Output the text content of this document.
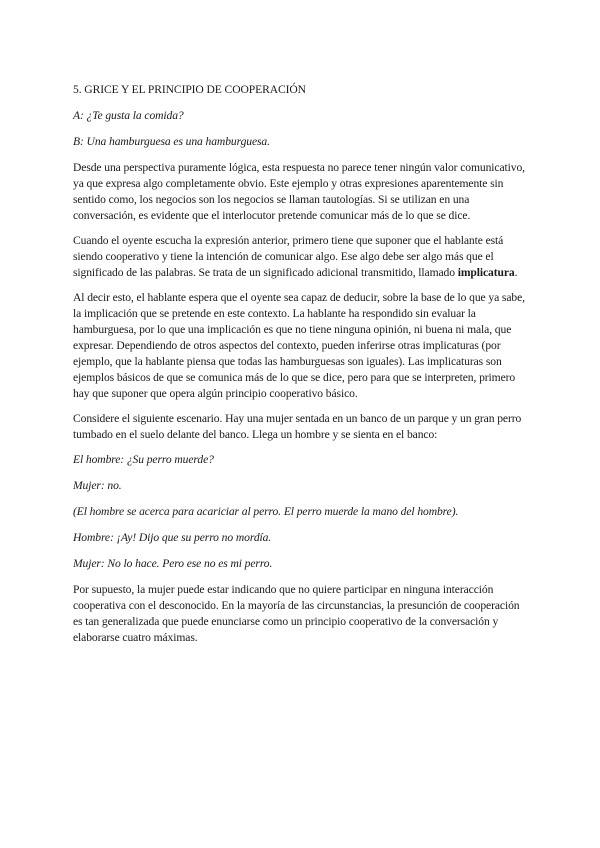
5. GRICE Y EL PRINCIPIO DE COOPERACIÓN

A: ¿Te gusta la comida?

B: Una hamburguesa es una hamburguesa.

Desde una perspectiva puramente lógica, esta respuesta no parece tener ningún valor comunicativo, ya que expresa algo completamente obvio. Este ejemplo y otras expresiones aparentemente sin sentido como, los negocios son los negocios se llaman tautologías. Si se utilizan en una conversación, es evidente que el interlocutor pretende comunicar más de lo que se dice.

Cuando el oyente escucha la expresión anterior, primero tiene que suponer que el hablante está siendo cooperativo y tiene la intención de comunicar algo. Ese algo debe ser algo más que el significado de las palabras. Se trata de un significado adicional transmitido, llamado implicatura.

Al decir esto, el hablante espera que el oyente sea capaz de deducir, sobre la base de lo que ya sabe, la implicación que se pretende en este contexto. La hablante ha respondido sin evaluar la hamburguesa, por lo que una implicación es que no tiene ninguna opinión, ni buena ni mala, que expresar. Dependiendo de otros aspectos del contexto, pueden inferirse otras implicaturas (por ejemplo, que la hablante piensa que todas las hamburguesas son iguales). Las implicaturas son ejemplos básicos de que se comunica más de lo que se dice, pero para que se interpreten, primero hay que suponer que opera algún principio cooperativo básico.

Considere el siguiente escenario. Hay una mujer sentada en un banco de un parque y un gran perro tumbado en el suelo delante del banco. Llega un hombre y se sienta en el banco:

El hombre: ¿Su perro muerde?

Mujer: no.

(El hombre se acerca para acariciar al perro. El perro muerde la mano del hombre).

Hombre: ¡Ay! Dijo que su perro no mordía.

Mujer: No lo hace. Pero ese no es mi perro.

Por supuesto, la mujer puede estar indicando que no quiere participar en ninguna interacción cooperativa con el desconocido. En la mayoría de las circunstancias, la presunción de cooperación es tan generalizada que puede enunciarse como un principio cooperativo de la conversación y elaborarse cuatro máximas.
